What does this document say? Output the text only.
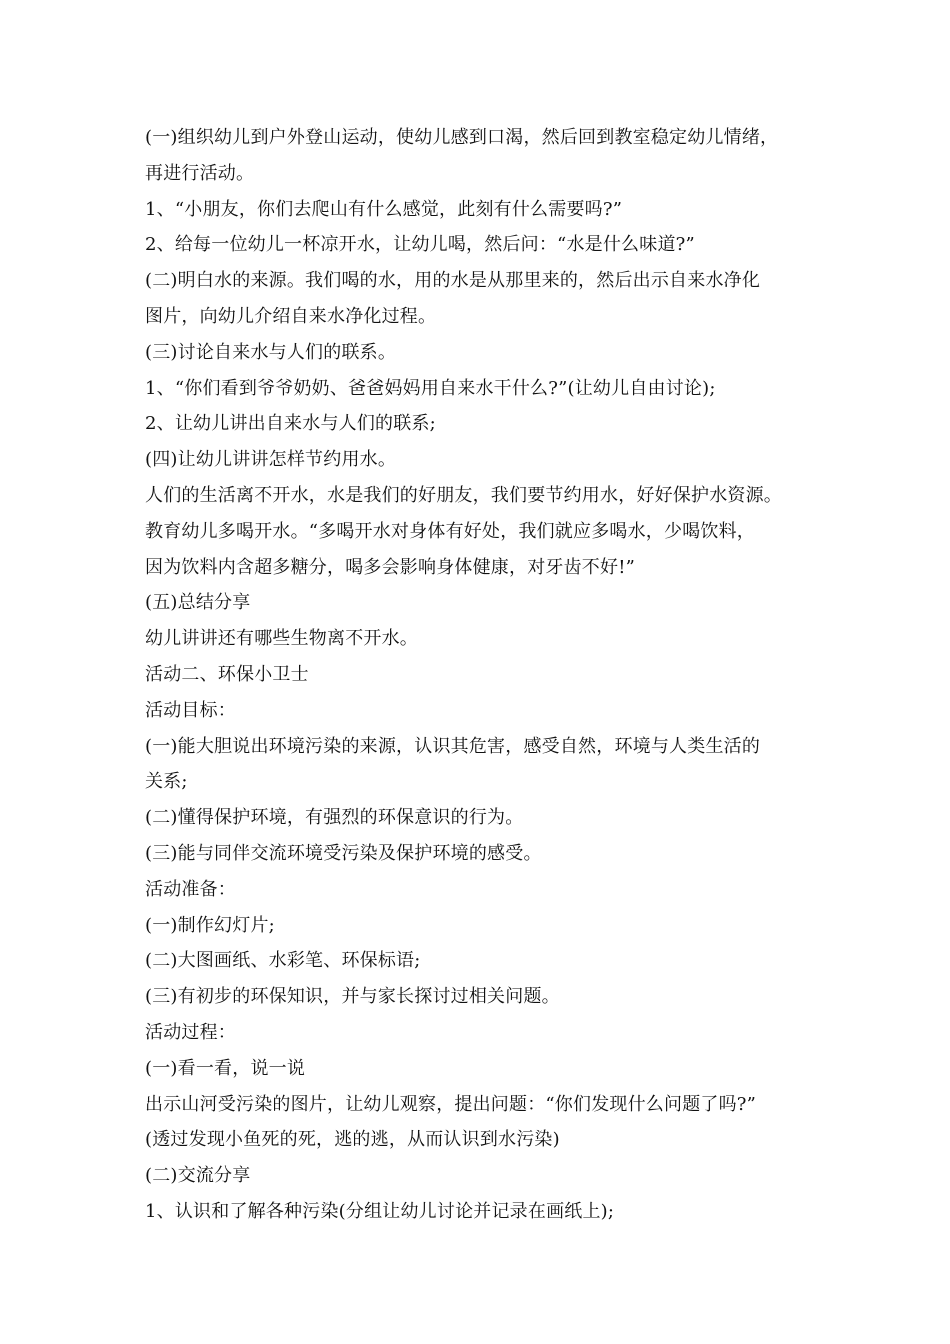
(一)组织幼儿到户外登山运动，使幼儿感到口渴，然后回到教室稳定幼儿情绪，
再进行活动。
1、“小朋友，你们去爬山有什么感觉，此刻有什么需要吗?”
2、给每一位幼儿一杯凉开水，让幼儿喝，然后问：“水是什么味道?”
(二)明白水的来源。我们喝的水，用的水是从那里来的，然后出示自来水净化
图片，向幼儿介绍自来水净化过程。
(三)讨论自来水与人们的联系。
1、“你们看到爷爷奶奶、爸爸妈妈用自来水干什么?”(让幼儿自由讨论);
2、让幼儿讲出自来水与人们的联系;
(四)让幼儿讲讲怎样节约用水。
人们的生活离不开水，水是我们的好朋友，我们要节约用水，好好保护水资源。
教育幼儿多喝开水。“多喝开水对身体有好处，我们就应多喝水，少喝饮料，
因为饮料内含超多糖分，喝多会影响身体健康，对牙齿不好!”
(五)总结分享
幼儿讲讲还有哪些生物离不开水。
活动二、环保小卫士
活动目标：
(一)能大胆说出环境污染的来源，认识其危害，感受自然，环境与人类生活的
关系;
(二)懂得保护环境，有强烈的环保意识的行为。
(三)能与同伴交流环境受污染及保护环境的感受。
活动准备：
(一)制作幻灯片;
(二)大图画纸、水彩笔、环保标语;
(三)有初步的环保知识，并与家长探讨过相关问题。
活动过程：
(一)看一看，说一说
出示山河受污染的图片，让幼儿观察，提出问题：“你们发现什么问题了吗?”
(透过发现小鱼死的死，逃的逃，从而认识到水污染)
(二)交流分享
1、认识和了解各种污染(分组让幼儿讨论并记录在画纸上);
